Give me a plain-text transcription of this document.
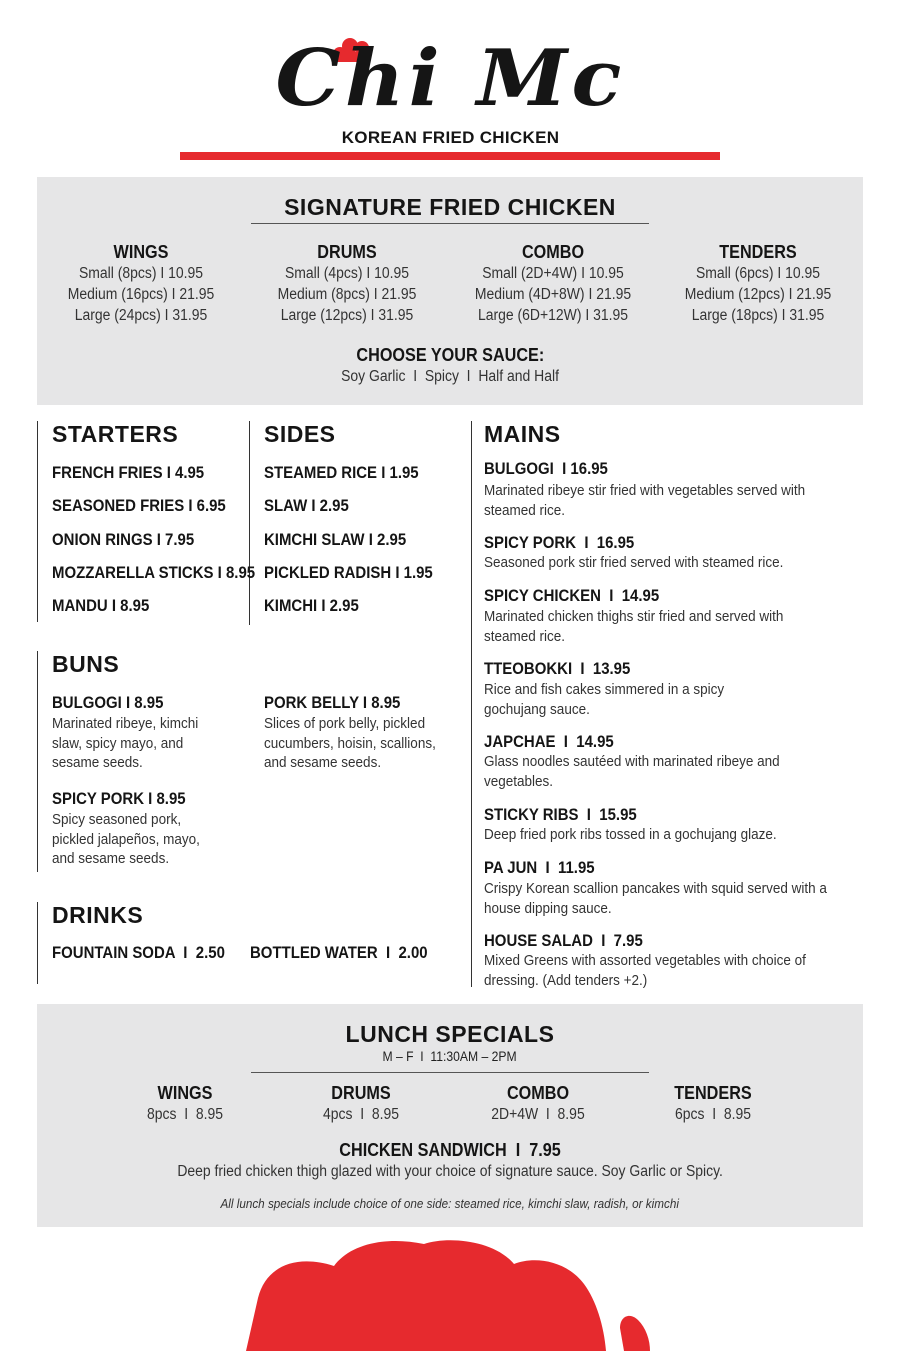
Chi Mc
KOREAN FRIED CHICKEN
SIGNATURE FRIED CHICKEN
WINGS
Small (8pcs) I 10.95
Medium (16pcs) I 21.95
Large (24pcs) I 31.95
DRUMS
Small (4pcs) I 10.95
Medium (8pcs) I 21.95
Large (12pcs) I 31.95
COMBO
Small (2D+4W) I 10.95
Medium (4D+8W) I 21.95
Large (6D+12W) I 31.95
TENDERS
Small (6pcs) I 10.95
Medium (12pcs) I 21.95
Large (18pcs) I 31.95
CHOOSE YOUR SAUCE:
Soy Garlic  I  Spicy  I  Half and Half
STARTERS
FRENCH FRIES I 4.95
SEASONED FRIES I 6.95
ONION RINGS I 7.95
MOZZARELLA STICKS I 8.95
MANDU I 8.95
SIDES
STEAMED RICE I 1.95
SLAW I 2.95
KIMCHI SLAW I 2.95
PICKLED RADISH I 1.95
KIMCHI I 2.95
BUNS
BULGOGI I 8.95
Marinated ribeye, kimchi
slaw, spicy mayo, and
sesame seeds.
PORK BELLY I 8.95
Slices of pork belly, pickled
cucumbers, hoisin, scallions,
and sesame seeds.
SPICY PORK I 8.95
Spicy seasoned pork,
pickled jalapeños, mayo,
and sesame seeds.
DRINKS
FOUNTAIN SODA  I  2.50 BOTTLED WATER  I  2.00
MAINS
BULGOGI  I 16.95
Marinated ribeye stir fried with vegetables served with
steamed rice.
SPICY PORK  I  16.95
Seasoned pork stir fried served with steamed rice.
SPICY CHICKEN  I  14.95
Marinated chicken thighs stir fried and served with
steamed rice.
TTEOBOKKI  I  13.95
Rice and fish cakes simmered in a spicy
gochujang sauce.
JAPCHAE  I  14.95
Glass noodles sautéed with marinated ribeye and
vegetables.
STICKY RIBS  I  15.95
Deep fried pork ribs tossed in a gochujang glaze.
PA JUN  I  11.95
Crispy Korean scallion pancakes with squid served with a
house dipping sauce.
HOUSE SALAD  I  7.95
Mixed Greens with assorted vegetables with choice of
dressing. (Add tenders +2.)
LUNCH SPECIALS
M – F  I  11:30AM – 2PM
WINGS
8pcs  I  8.95
DRUMS
4pcs  I  8.95
COMBO
2D+4W  I  8.95
TENDERS
6pcs  I  8.95
CHICKEN SANDWICH  I  7.95
Deep fried chicken thigh glazed with your choice of signature sauce. Soy Garlic or Spicy.
All lunch specials include choice of one side: steamed rice, kimchi slaw, radish, or kimchi
